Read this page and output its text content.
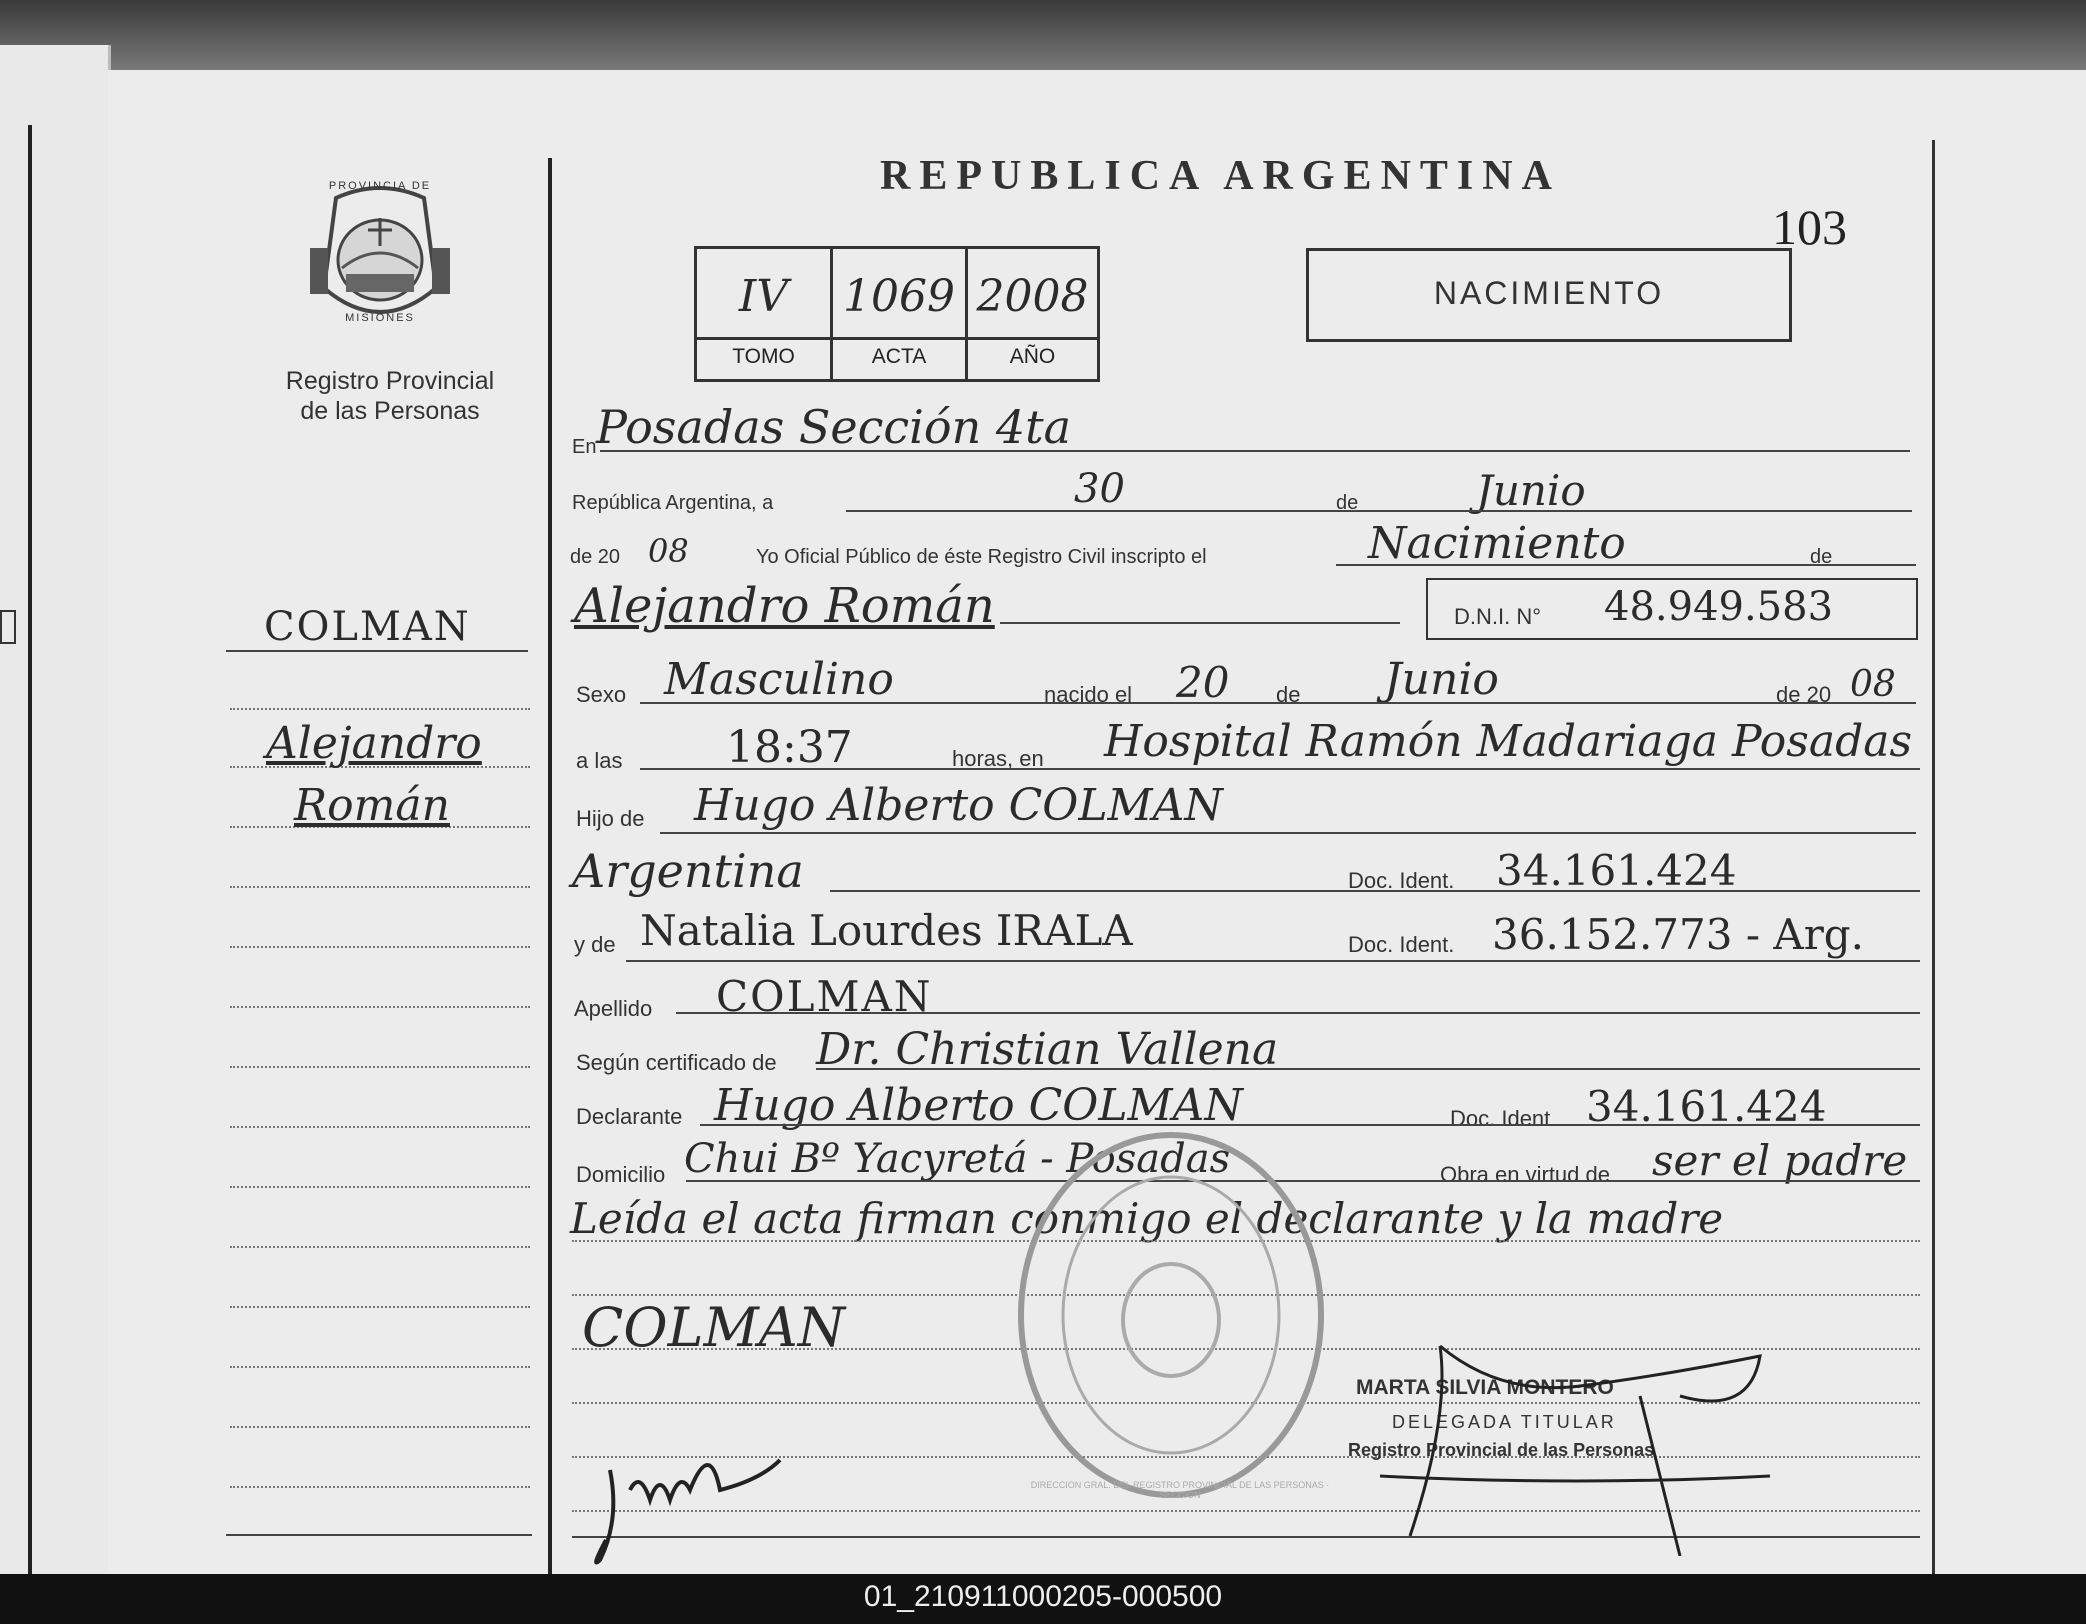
PROVINCIA DE
MISIONES
Registro Provincial
de las Personas
REPUBLICA ARGENTINA
103
IV	1069 2008
TOMO	ACTA	AÑO
NACIMIENTO
COLMAN
Alejandro
Román
En Posadas Sección 4ta
República Argentina, a	30	de	Junio
de 20 08	Yo Oficial Público de éste Registro Civil inscripto el	Nacimiento	de
Alejandro Román	D.N.I. N° 48.949.583
Sexo Masculino	nacido el 20 de Junio	de 20 08
a las 18:37	horas, en Hospital Ramón Madariaga Posadas
Hijo de Hugo Alberto COLMAN
Argentina	Doc. Ident. 34.161.424
y de Natalia Lourdes IRALA	Doc. Ident. 36.152.773 - Arg.
Apellido COLMAN
Según certificado de Dr. Christian Vallena
Declarante Hugo Alberto COLMAN	Doc. Ident 34.161.424
Domicilio Chui Bº Yacyretá - Posadas	Obra en virtud de ser el padre
Leída el acta firman conmigo el declarante y la madre
COLMAN
DIRECCION GRAL. DEL REGISTRO PROVINCIAL DE LAS PERSONAS · SECCION
MARTA SILVIA MONTERO
DELEGADA TITULAR
Registro Provincial de las Personas
01_210911000205-000500
